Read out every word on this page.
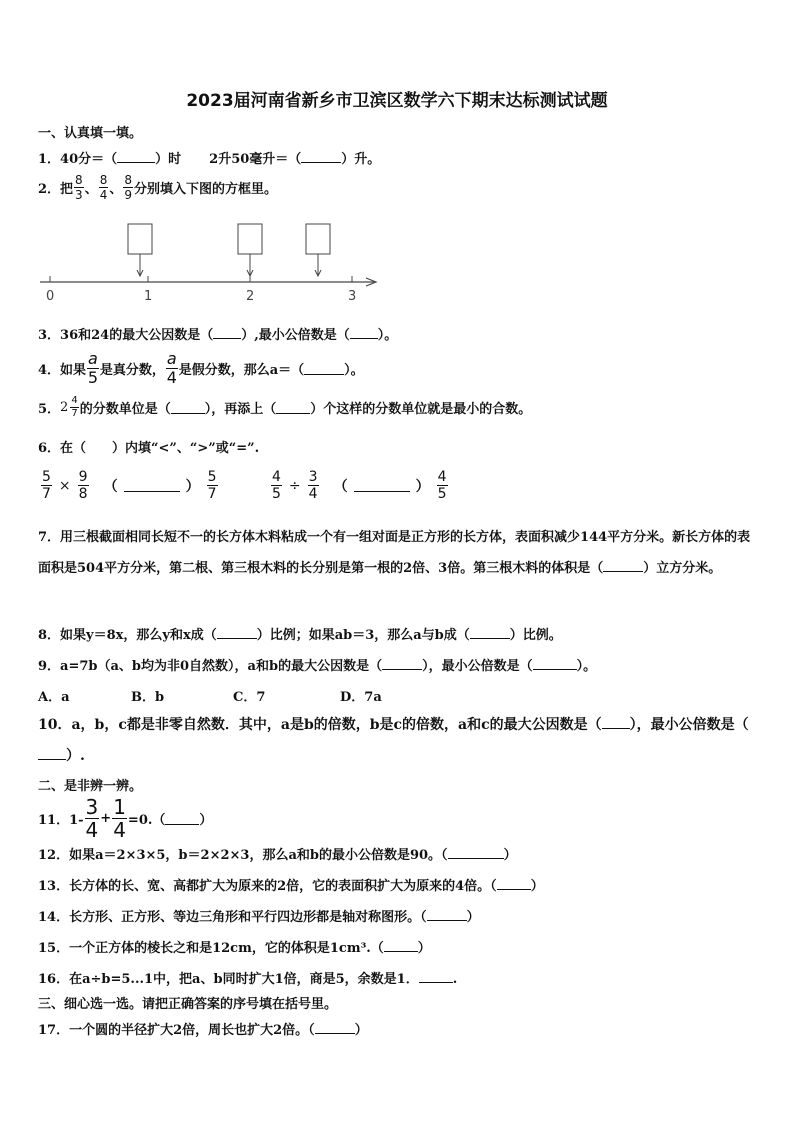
2023届河南省新乡市卫滨区数学六下期末达标测试试题
一、认真填一填。
1．40分＝（	）时 2升50毫升＝（	）升。
2．把 $\frac{8}{3}$ 、 $\frac{8}{4}$ 、 $\frac{8}{9}$ 分别填入下图的方框里。
0	1	2	3
3．36和24的最大公因数是（ ）,最小公倍数是（ ）。
4．如果 $\frac{a}{5}$ 是真分数， $\frac{a}{4}$ 是假分数，那么a＝（	）。
5． $2 \frac{4}{7}$ 的分数单位是（	），再添上（	）个这样的分数单位就是最小的合数。
6．在（　　）内填“<”、“>”或“=”.
$\frac{5}{7} \times \frac{9}{8}$ （	） $\frac{5}{7}$	$\frac{4}{5} \div \frac{3}{4}$ （	） $\frac{4}{5}$
7．用三根截面相同长短不一的长方体木料粘成一个有一组对面是正方形的长方体，表面积减少144平方分米。新长方体的表面积是504平方分米，第二根、第三根木料的长分别是第一根的2倍、3倍。第三根木料的体积是（	）立方分米。
8．如果y＝8x，那么y和x成（	）比例；如果ab＝3，那么a与b成（	）比例。
9．a=7b（a、b均为非0自然数），a和b的最大公因数是（	），最小公倍数是（	）。
A．a	B．b	C．7	D．7a
10．a，b，c都是非零自然数．其中，a是b的倍数，b是c的倍数，a和c的最大公因数是（ ），最小公倍数是（）.
二、是非辨一辨。
11．$1- \frac{3}{4} + \frac{1}{4} =0$.（	）
12．如果a＝2×3×5，b＝2×2×3，那么a和b的最小公倍数是90。（	）
13．长方体的长、宽、高都扩大为原来的2倍，它的表面积扩大为原来的4倍。（	）
14．长方形、正方形、等边三角形和平行四边形都是轴对称图形。（	）
15．一个正方体的棱长之和是12cm，它的体积是1cm³.（	）
16．在a÷b=5...1中，把a、b同时扩大1倍，商是5，余数是1．	.
三、细心选一选。请把正确答案的序号填在括号里。
17．一个圆的半径扩大2倍，周长也扩大2倍。（	）
